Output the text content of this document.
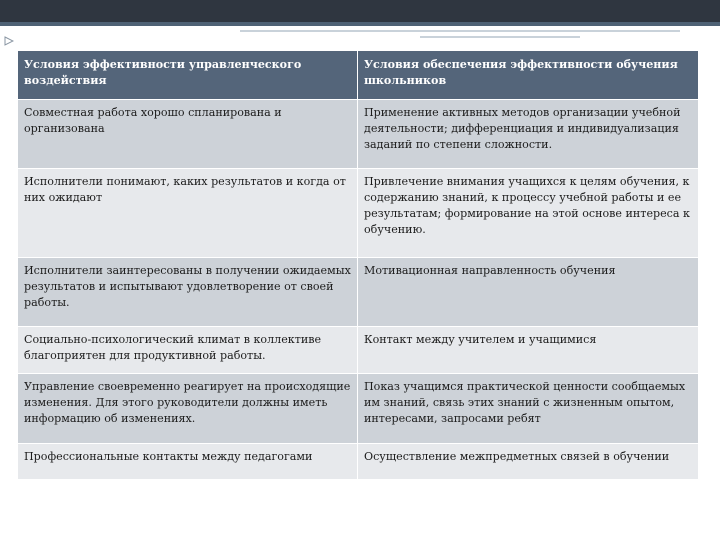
Условия эффективности управленческого воздействия	Условия обеспечения эффективности обучения школьников
Совместная работа хорошо спланирована и организована	Применение активных методов организации учебной деятельности; дифференциация и индивидуализация заданий по степени сложности.
Исполнители понимают, каких результатов и когда от них ожидают	Привлечение внимания учащихся к целям обучения, к содержанию знаний, к процессу учебной работы и ее результатам; формирование на этой основе интереса к обучению.
Исполнители заинтересованы в получении ожидаемых результатов и испытывают удовлетворение от своей работы.	Мотивационная направленность обучения
Социально-психологический климат в коллективе благоприятен для продуктивной работы.	Контакт между учителем и учащимися
Управление своевременно реагирует на происходящие изменения. Для этого руководители должны иметь информацию об изменениях.	Показ учащимся практической ценности сообщаемых им знаний, связь этих знаний с жизненным опытом, интересами, запросами ребят
Профессиональные контакты между педагогами	Осуществление межпредметных связей в обучении
